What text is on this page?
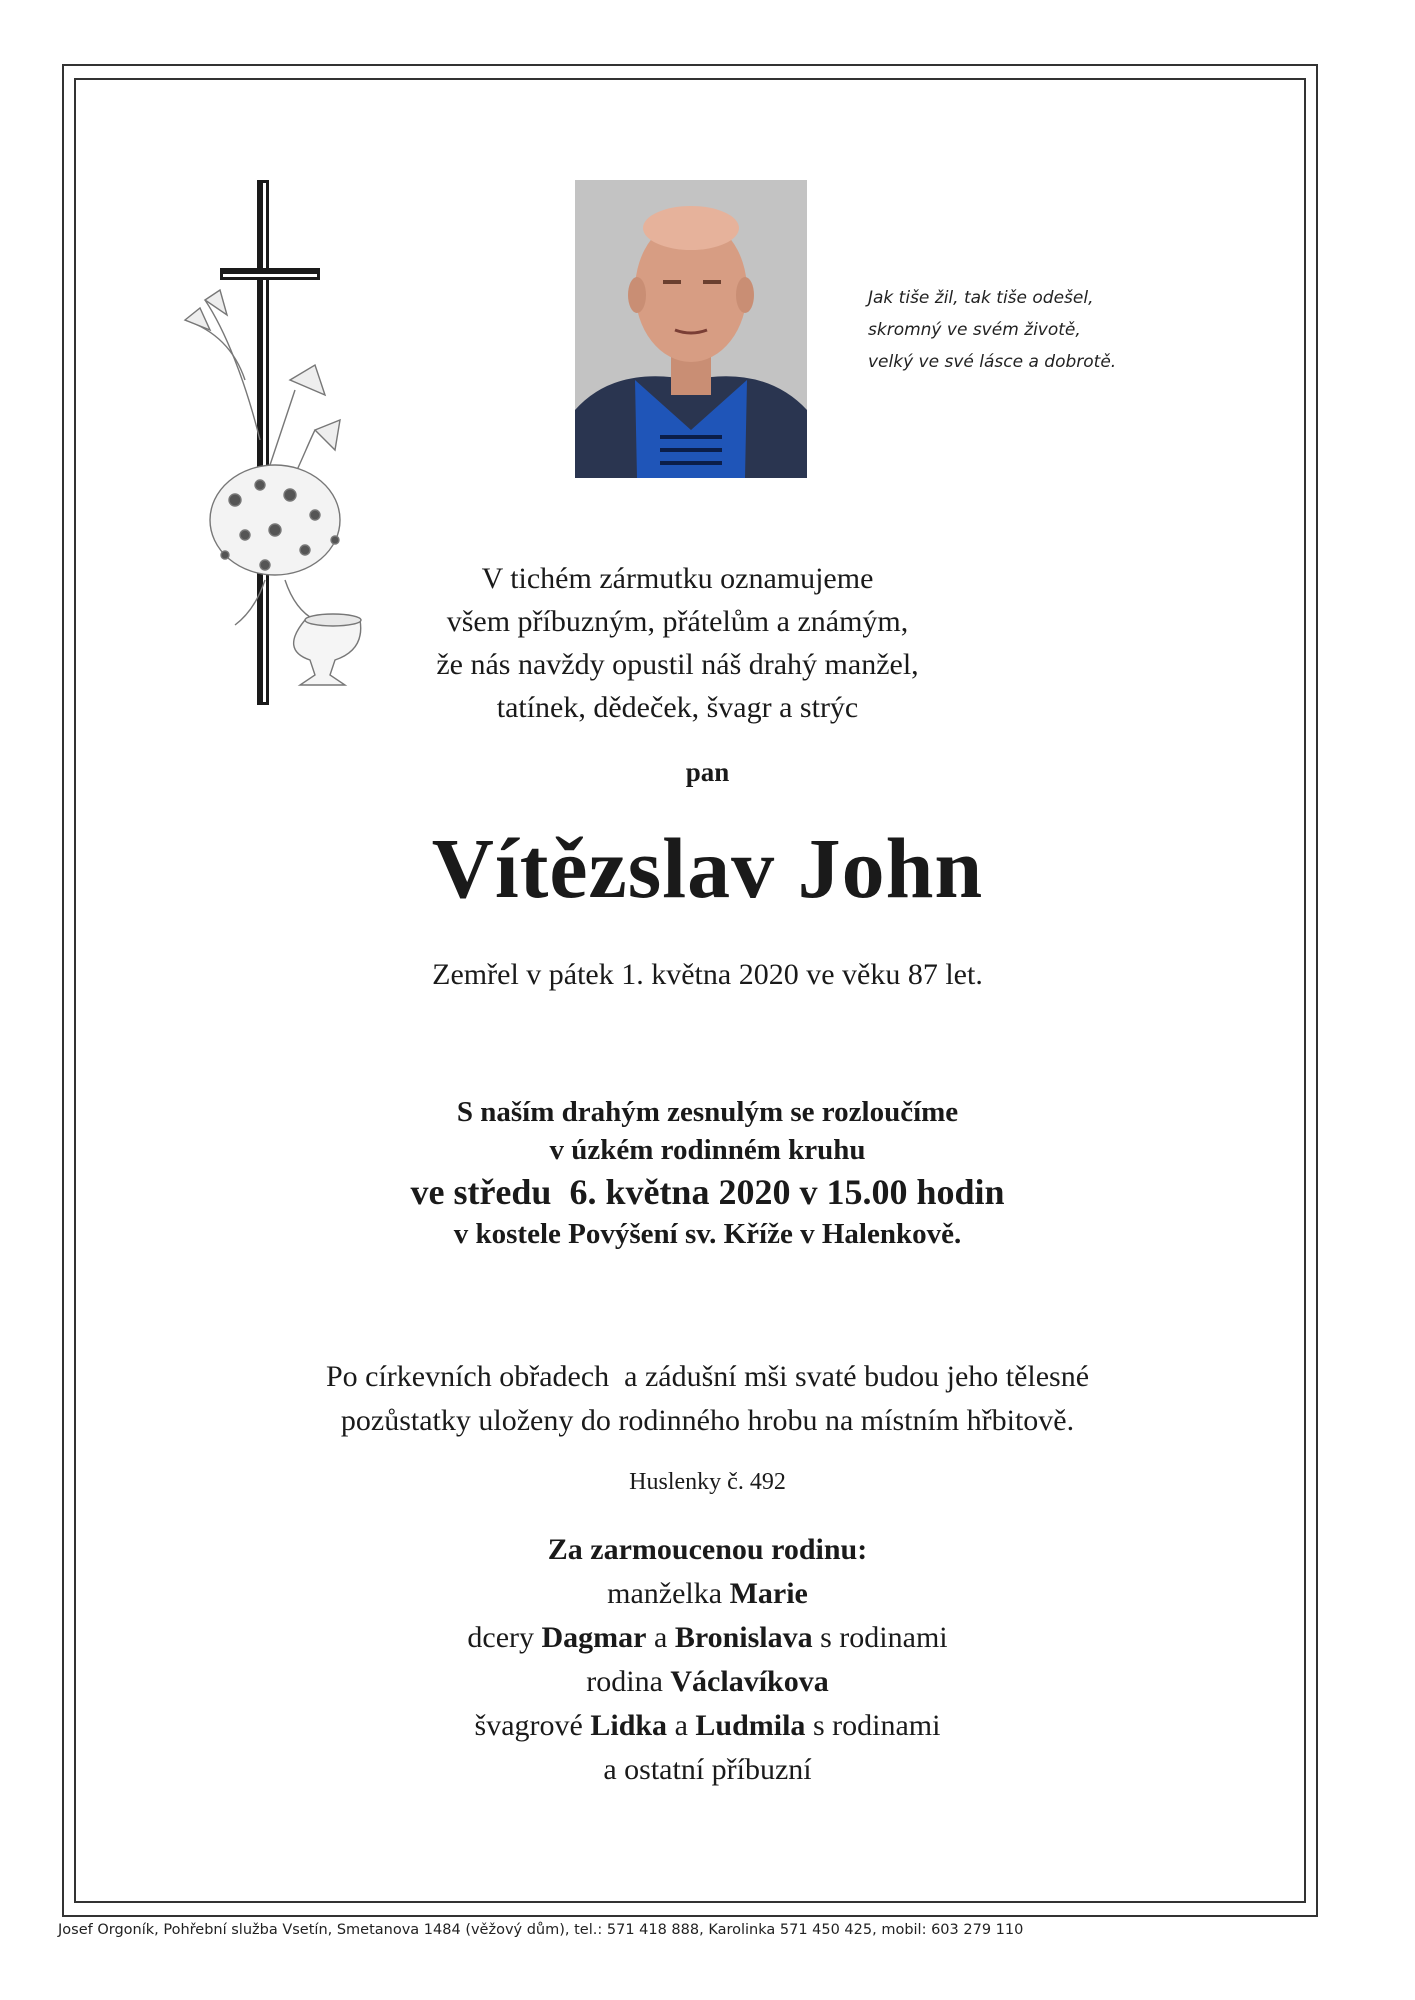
Jak tiše žil, tak tiše odešel,
skromný ve svém životě,
velký ve své lásce a dobrotě.
V tichém zármutku oznamujeme
všem příbuzným, přátelům a známým,
že nás navždy opustil náš drahý manžel,
tatínek, dědeček, švagr a strýc
pan
Vítězslav John
Zemřel v pátek 1. května 2020 ve věku 87 let.
S naším drahým zesnulým se rozloučíme
v úzkém rodinném kruhu
ve středu  6. května 2020 v 15.00 hodin
v kostele Povýšení sv. Kříže v Halenkově.
Po církevních obřadech  a zádušní mši svaté budou jeho tělesné
pozůstatky uloženy do rodinného hrobu na místním hřbitově.
Huslenky č. 492
Za zarmoucenou rodinu:
manželka Marie
dcery Dagmar a Bronislava s rodinami
rodina Václavíkova
švagrové Lidka a Ludmila s rodinami
a ostatní příbuzní
Josef Orgoník, Pohřební služba Vsetín, Smetanova 1484 (věžový dům), tel.: 571 418 888, Karolinka 571 450 425, mobil: 603 279 110
